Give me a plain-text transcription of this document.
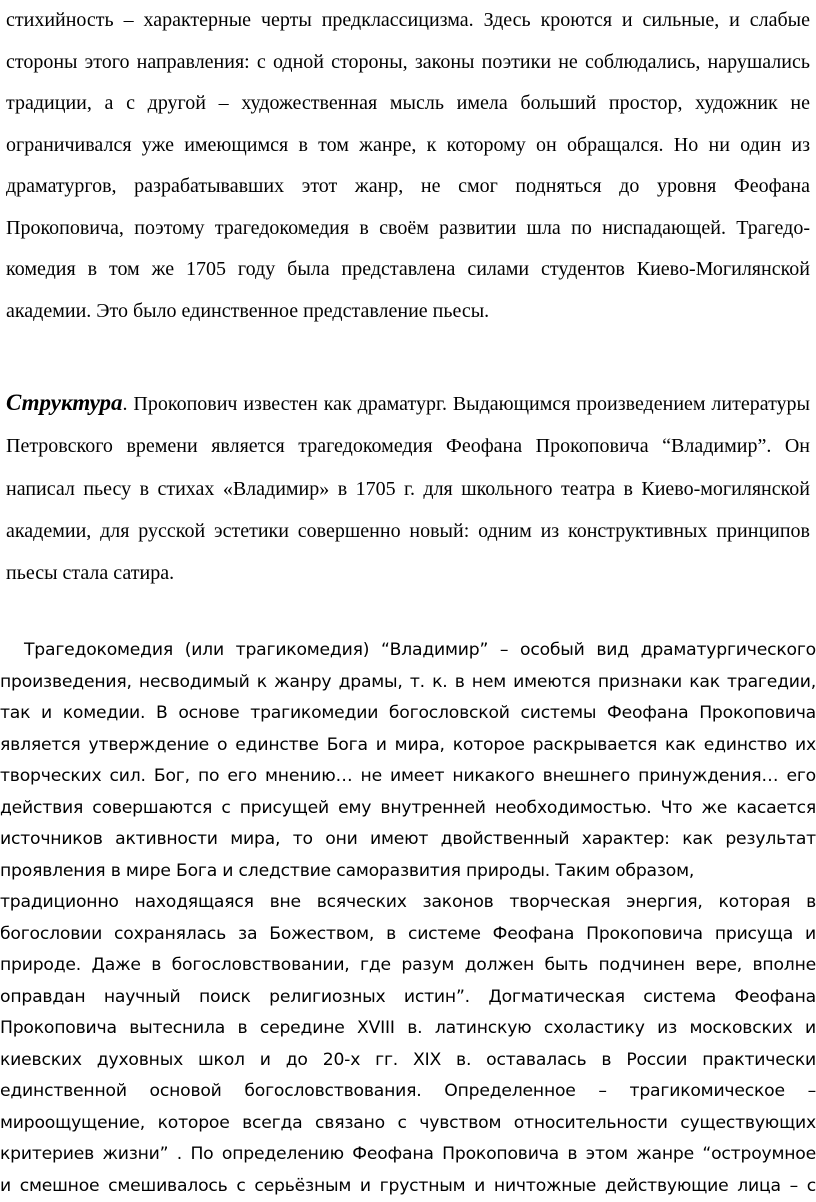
стихийность – характерные черты предклассицизма. Здесь кроются и сильные, и слабые стороны этого направления: с одной стороны, законы поэтики не соблюдались, нарушались традиции, а с другой – художественная мысль имела больший простор, художник не ограничивался уже имеющимся в том жанре, к которому он обращался. Но ни один из драматургов, разрабатывавших этот жанр, не смог подняться до уровня Феофана Прокоповича, поэтому трагедокомедия в своём развитии шла по ниспадающей. Трагедо-комедия в том же 1705 году была представлена силами студентов Киево-Могилянской академии. Это было единственное представление пьесы.
Структура. Прокопович известен как драматург. Выдающимся произведением литературы Петровского времени является трагедокомедия Феофана Прокоповича “Владимир”. Он написал пьесу в стихах «Владимир» в 1705 г. для школьного театра в Киево-могилянской академии, для русской эстетики совершенно новый: одним из конструктивных принципов пьесы стала сатира.
Трагедокомедия (или трагикомедия) “Владимир” – особый вид драматургического
произведения, несводимый к жанру драмы, т. к. в нем имеются признаки как трагедии,
так и комедии. В основе трагикомедии богословской системы Феофана Прокоповича
является утверждение о единстве Бога и мира, которое раскрывается как единство их
творческих сил. Бог, по его мнению… не имеет никакого внешнего принуждения… его
действия совершаются с присущей ему внутренней необходимостью. Что же касается
источников активности мира, то они имеют двойственный характер: как результат
проявления в мире Бога и следствие саморазвития природы. Таким образом,
традиционно находящаяся вне всяческих законов творческая энергия, которая в
богословии сохранялась за Божеством, в системе Феофана Прокоповича присуща и
природе. Даже в богословствовании, где разум должен быть подчинен вере, вполне
оправдан научный поиск религиозных истин”. Догматическая система Феофана
Прокоповича вытеснила в середине XVIII в. латинскую схоластику из московских и
киевских духовных школ и до 20-х гг. XIX в. оставалась в России практически
единственной основой богословствования. Определенное – трагикомическое –
мироощущение, которое всегда связано с чувством относительности существующих
критериев жизни” . По определению Феофана Прокоповича в этом жанре “остроумное
и смешное смешивалось с серьёзным и грустным и ничтожные действующие лица – с
